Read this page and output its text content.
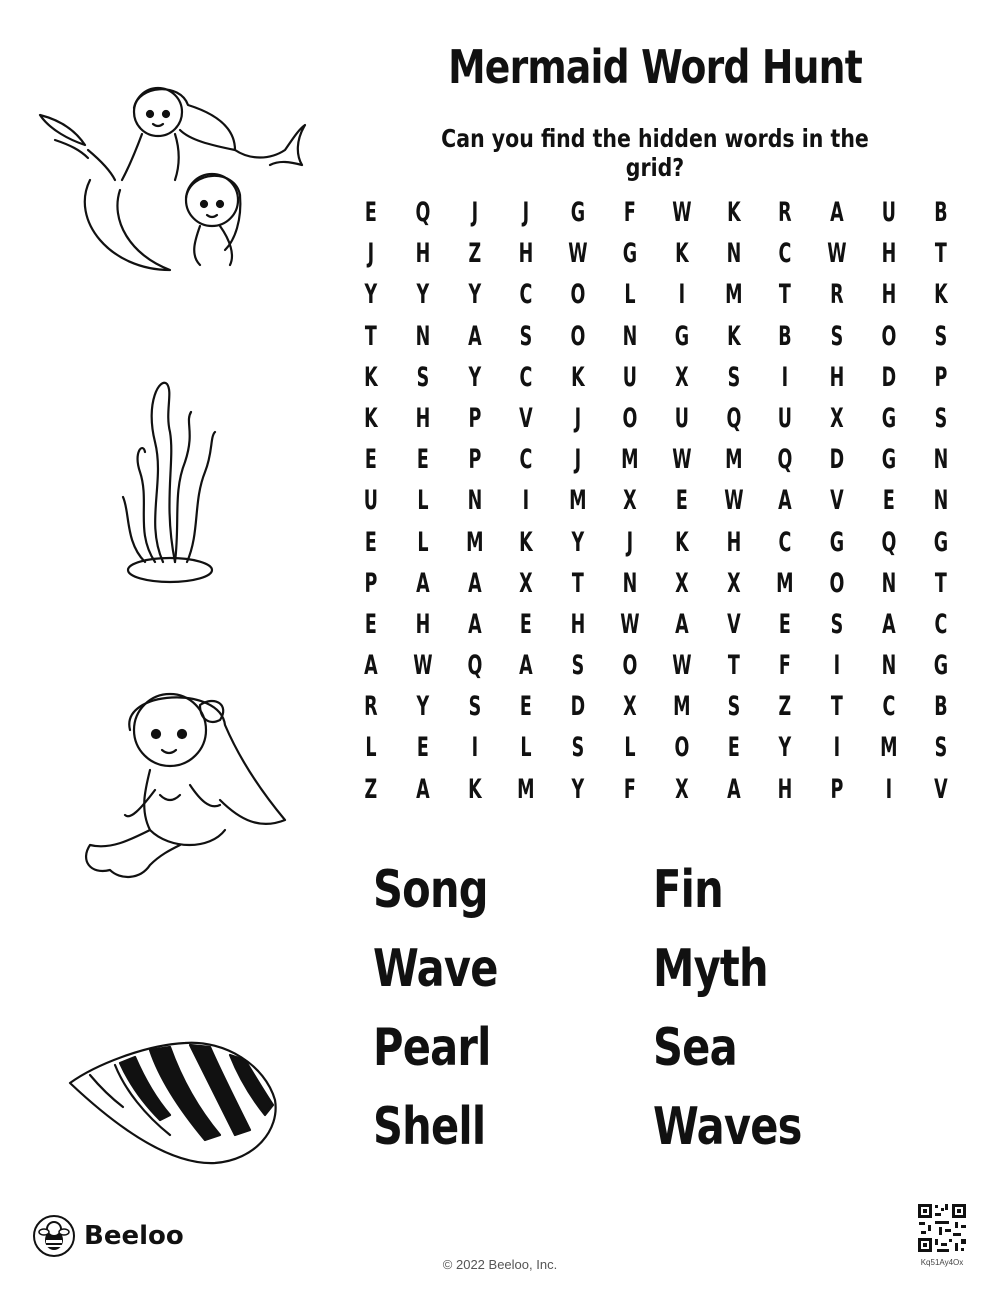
Mermaid Word Hunt
Can you find the hidden words in the grid?
E	Q	J	J	G	F	W	K	R	A	U	B
J	H	Z	H	W	G	K	N	C	W	H	T
Y	Y	Y	C	O	L	I	M	T	R	H	K
T	N	A	S	O	N	G	K	B	S	O	S
K	S	Y	C	K	U	X	S	I	H	D	P
K	H	P	V	J	O	U	Q	U	X	G	S
E	E	P	C	J	M	W	M	Q	D	G	N
U	L	N	I	M	X	E	W	A	V	E	N
E	L	M	K	Y	J	K	H	C	G	Q	G
P	A	A	X	T	N	X	X	M	O	N	T
E	H	A	E	H	W	A	V	E	S	A	C
A	W	Q	A	S	O	W	T	F	I	N	G
R	Y	S	E	D	X	M	S	Z	T	C	B
L	E	I	L	S	L	O	E	Y	I	M	S
Z	A	K	M	Y	F	X	A	H	P	I	V
Song	Fin
Wave	Myth
Pearl	Sea
Shell	Waves
Beeloo
© 2022 Beeloo, Inc.	Kq51Ay4Ox
